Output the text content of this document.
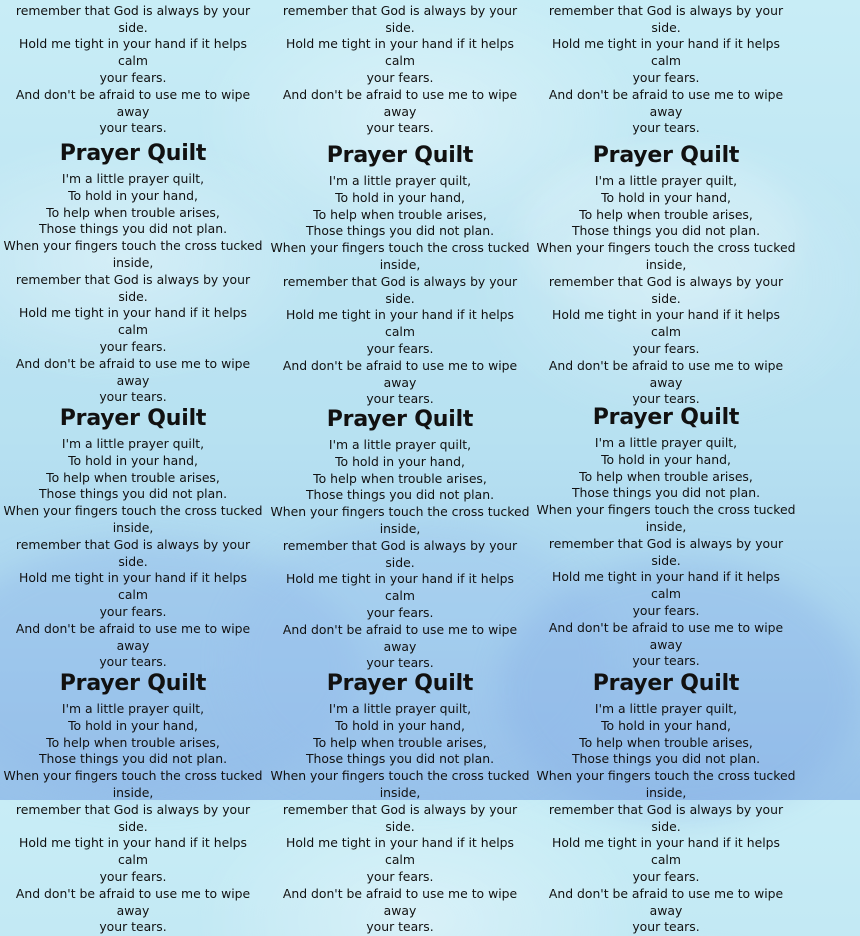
remember that God is always by your side.
Hold me tight in your hand if it helps calm
your fears.
And don't be afraid to use me to wipe away
your tears.
remember that God is always by your side.
Hold me tight in your hand if it helps calm
your fears.
And don't be afraid to use me to wipe away
your tears.
remember that God is always by your side.
Hold me tight in your hand if it helps calm
your fears.
And don't be afraid to use me to wipe away
your tears.
Prayer Quilt
I'm a little prayer quilt,
To hold in your hand,
To help when trouble arises,
Those things you did not plan.
When your fingers touch the cross tucked
inside,
remember that God is always by your side.
Hold me tight in your hand if it helps calm
your fears.
And don't be afraid to use me to wipe away
your tears.
Prayer Quilt
I'm a little prayer quilt,
To hold in your hand,
To help when trouble arises,
Those things you did not plan.
When your fingers touch the cross tucked
inside,
remember that God is always by your side.
Hold me tight in your hand if it helps calm
your fears.
And don't be afraid to use me to wipe away
your tears.
Prayer Quilt
I'm a little prayer quilt,
To hold in your hand,
To help when trouble arises,
Those things you did not plan.
When your fingers touch the cross tucked
inside,
remember that God is always by your side.
Hold me tight in your hand if it helps calm
your fears.
And don't be afraid to use me to wipe away
your tears.
Prayer Quilt
I'm a little prayer quilt,
To hold in your hand,
To help when trouble arises,
Those things you did not plan.
When your fingers touch the cross tucked
inside,
remember that God is always by your side.
Hold me tight in your hand if it helps calm
your fears.
And don't be afraid to use me to wipe away
your tears.
Prayer Quilt
I'm a little prayer quilt,
To hold in your hand,
To help when trouble arises,
Those things you did not plan.
When your fingers touch the cross tucked
inside,
remember that God is always by your side.
Hold me tight in your hand if it helps calm
your fears.
And don't be afraid to use me to wipe away
your tears.
Prayer Quilt
I'm a little prayer quilt,
To hold in your hand,
To help when trouble arises,
Those things you did not plan.
When your fingers touch the cross tucked
inside,
remember that God is always by your side.
Hold me tight in your hand if it helps calm
your fears.
And don't be afraid to use me to wipe away
your tears.
Prayer Quilt
I'm a little prayer quilt,
To hold in your hand,
To help when trouble arises,
Those things you did not plan.
When your fingers touch the cross tucked
inside,
remember that God is always by your side.
Hold me tight in your hand if it helps calm
your fears.
And don't be afraid to use me to wipe away
your tears.
Prayer Quilt
I'm a little prayer quilt,
To hold in your hand,
To help when trouble arises,
Those things you did not plan.
When your fingers touch the cross tucked
inside,
remember that God is always by your side.
Hold me tight in your hand if it helps calm
your fears.
And don't be afraid to use me to wipe away
your tears.
Prayer Quilt
I'm a little prayer quilt,
To hold in your hand,
To help when trouble arises,
Those things you did not plan.
When your fingers touch the cross tucked
inside,
remember that God is always by your side.
Hold me tight in your hand if it helps calm
your fears.
And don't be afraid to use me to wipe away
your tears.
